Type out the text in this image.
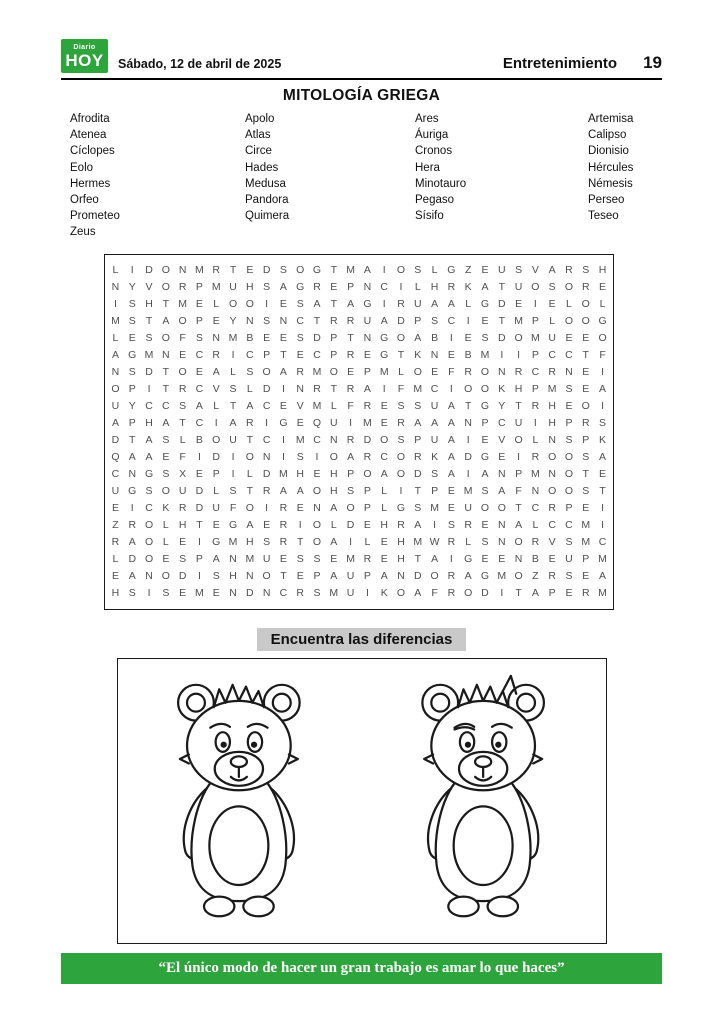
Diario
HOY Sábado, 12 de abril de 2025	Entretenimiento 19
MITOLOGÍA GRIEGA
Afrodita
Atenea
Cíclopes
Eolo
Hermes
Orfeo
Prometeo
Zeus
Apolo
Atlas
Circe
Hades
Medusa
Pandora
Quimera
Ares
Áuriga
Cronos
Hera
Minotauro
Pegaso
Sísifo
Artemisa
Calipso
Dionisio
Hércules
Némesis
Perseo
Teseo
L	I	D O N M R T E D S O G T M A	I	O S L G Z E U S V A R S H
N Y V O R P M U H S A G R E P N C	I	L H R K A T U O S O R E
I	S H T M E L O O	I	E S A T A G	I	R U A A L G D E	I	E L O L
M S T A O P E Y N S N C T R R U A D P S C	I	E T M P L O O G
L E S O F S N M B E E S D P T N G O A B	I	E S D O M U E E O
A G M N E C R	I	C P T E C P R E G T K N E B M	I	I	P C C T F
N S D T O E A L S O A R M O E P M L O E F R O N R C R N E	I
O P	I	T R C V S L D	I	N R T R A	I	F M C	I	O O K H P M S E A
U Y C C S A L	T A C E V M L	F R E S S U A T G Y T R H E O	I
A P H A T C	I	A R	I	G E Q U	I	M E R A A A N P C U	I	H P R S
D T A S L B O U T C	I	M C N R D O S P U A	I	E V O L N S P K
Q A A E F	I	D	I	O N	I	S	I	O A R C O R K A D G E	I	R O O S A
C N G S X E P	I	L D M H E H P O A O D S A	I	A N P M N O T E
U G S O U D L S T R A A O H S P L	I	T P E M S A F N O O S T
E	I	C K R D U F O	I	R E N A O P L G S M E U O O T C R P E	I
Z R O L H T E G A E R	I	O L D E H R A	I	S R E N A L C C M	I
R A O L E	I	G M H S R T O A	I	L E H M W R L S N O R V S M C
L D O E S P A N M U E S S E M R E H T A	I	G E E N B E U P M
E A N O D	I	S H N O T E P A U P A N D O R A G M O Z R S E A
H S	I	S E M E N D N C R S M U	I	K O A F R O D	I	T A P E R M
Encuentra las diferencias
“El único modo de hacer un gran trabajo es amar lo que haces”
